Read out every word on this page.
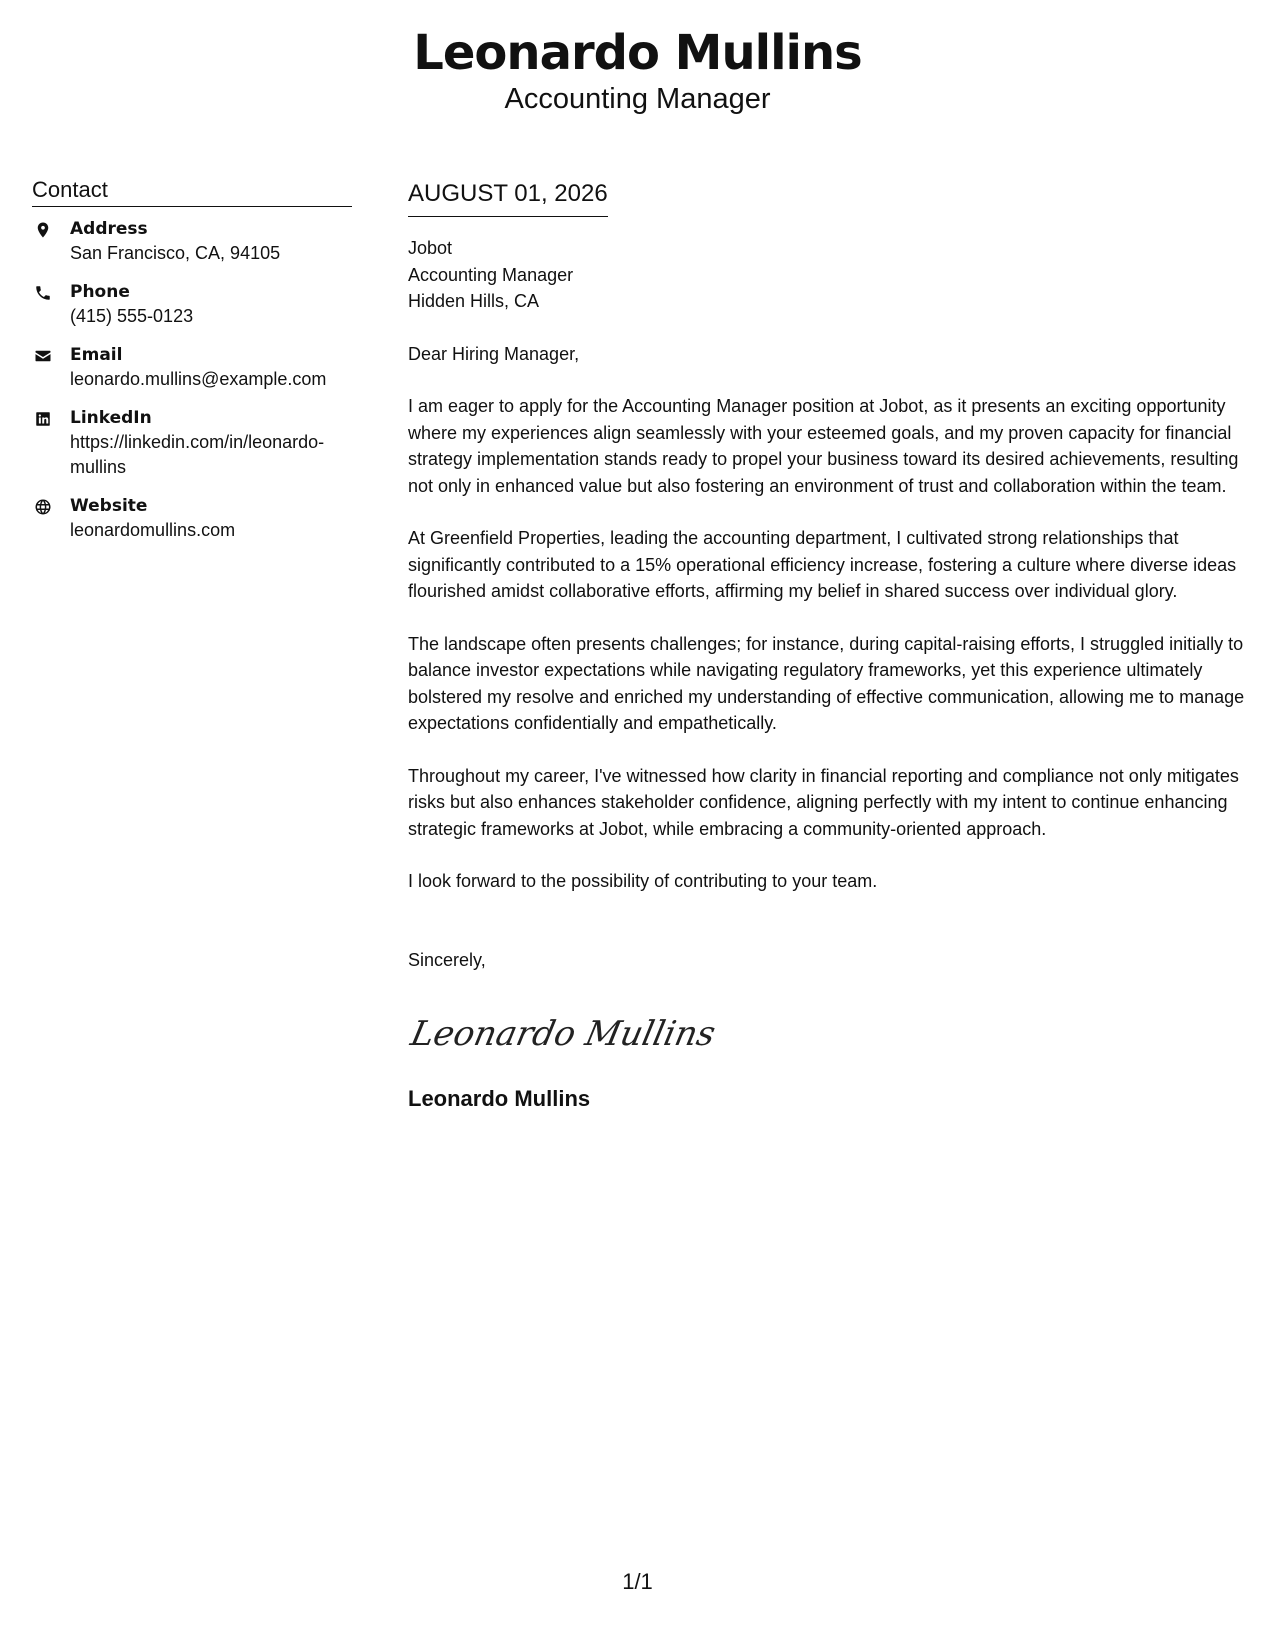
Leonardo Mullins
Accounting Manager
Contact
Address
San Francisco, CA, 94105
Phone
(415) 555-0123
Email
leonardo.mullins@example.com
LinkedIn
https://linkedin.com/in/leonardo-mullins
Website
leonardomullins.com
AUGUST 01, 2026
Jobot
Accounting Manager
Hidden Hills, CA

Dear Hiring Manager,

I am eager to apply for the Accounting Manager position at Jobot, as it presents an exciting opportunity where my experiences align seamlessly with your esteemed goals, and my proven capacity for financial strategy implementation stands ready to propel your business toward its desired achievements, resulting not only in enhanced value but also fostering an environment of trust and collaboration within the team.

At Greenfield Properties, leading the accounting department, I cultivated strong relationships that significantly contributed to a 15% operational efficiency increase, fostering a culture where diverse ideas flourished amidst collaborative efforts, affirming my belief in shared success over individual glory.

The landscape often presents challenges; for instance, during capital-raising efforts, I struggled initially to balance investor expectations while navigating regulatory frameworks, yet this experience ultimately bolstered my resolve and enriched my understanding of effective communication, allowing me to manage expectations confidentially and empathetically.

Throughout my career, I've witnessed how clarity in financial reporting and compliance not only mitigates risks but also enhances stakeholder confidence, aligning perfectly with my intent to continue enhancing strategic frameworks at Jobot, while embracing a community-oriented approach.

I look forward to the possibility of contributing to your team.

Sincerely,

Leonardo Mullins
Leonardo Mullins
1/1
